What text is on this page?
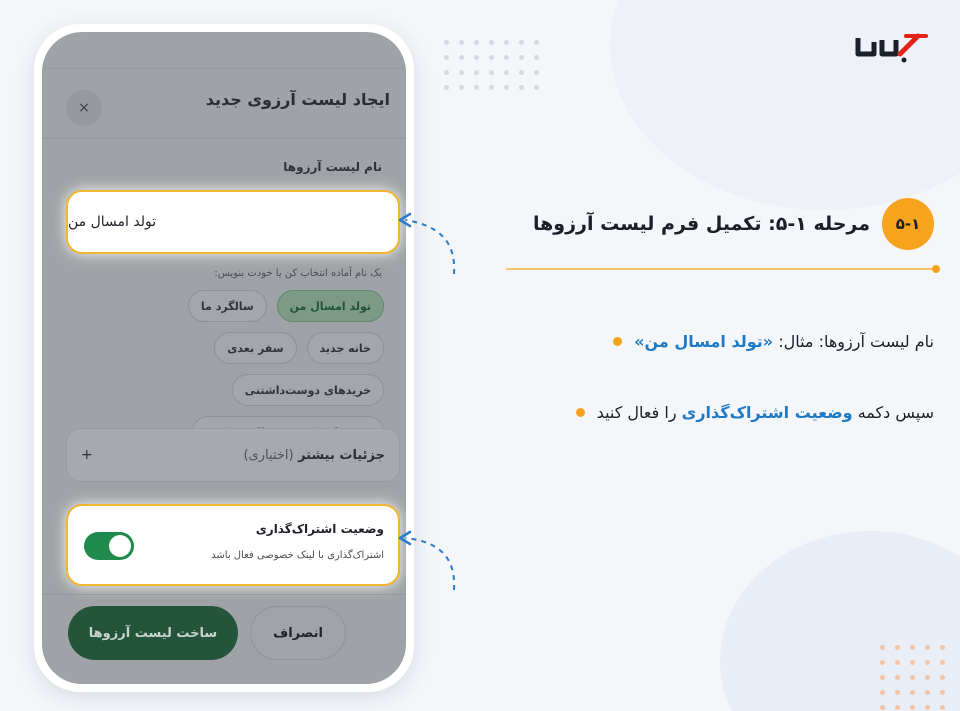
ایجاد لیست آرزوی جدید
×
نام لیست آرزوها
تولد امسال من
یک نام آماده انتخاب کن یا خودت بنویس:
تولد امسال من
سالگرد ما
خانه جدید
سفر بعدی
خریدهای دوست‌داشتنی
+	جزئیات بیشتر (اختیاری)
وضعیت اشتراک‌گذاری
اشتراک‌گذاری با لینک خصوصی فعال باشد
ساخت لیست آرزوها	انصراف
۵-۱
مرحله ۱-۵: تکمیل فرم لیست آرزوها
نام لیست آرزوها: مثال: «تولد امسال من»
سپس دکمه وضعیت اشتراک‌گذاری را فعال کنید
